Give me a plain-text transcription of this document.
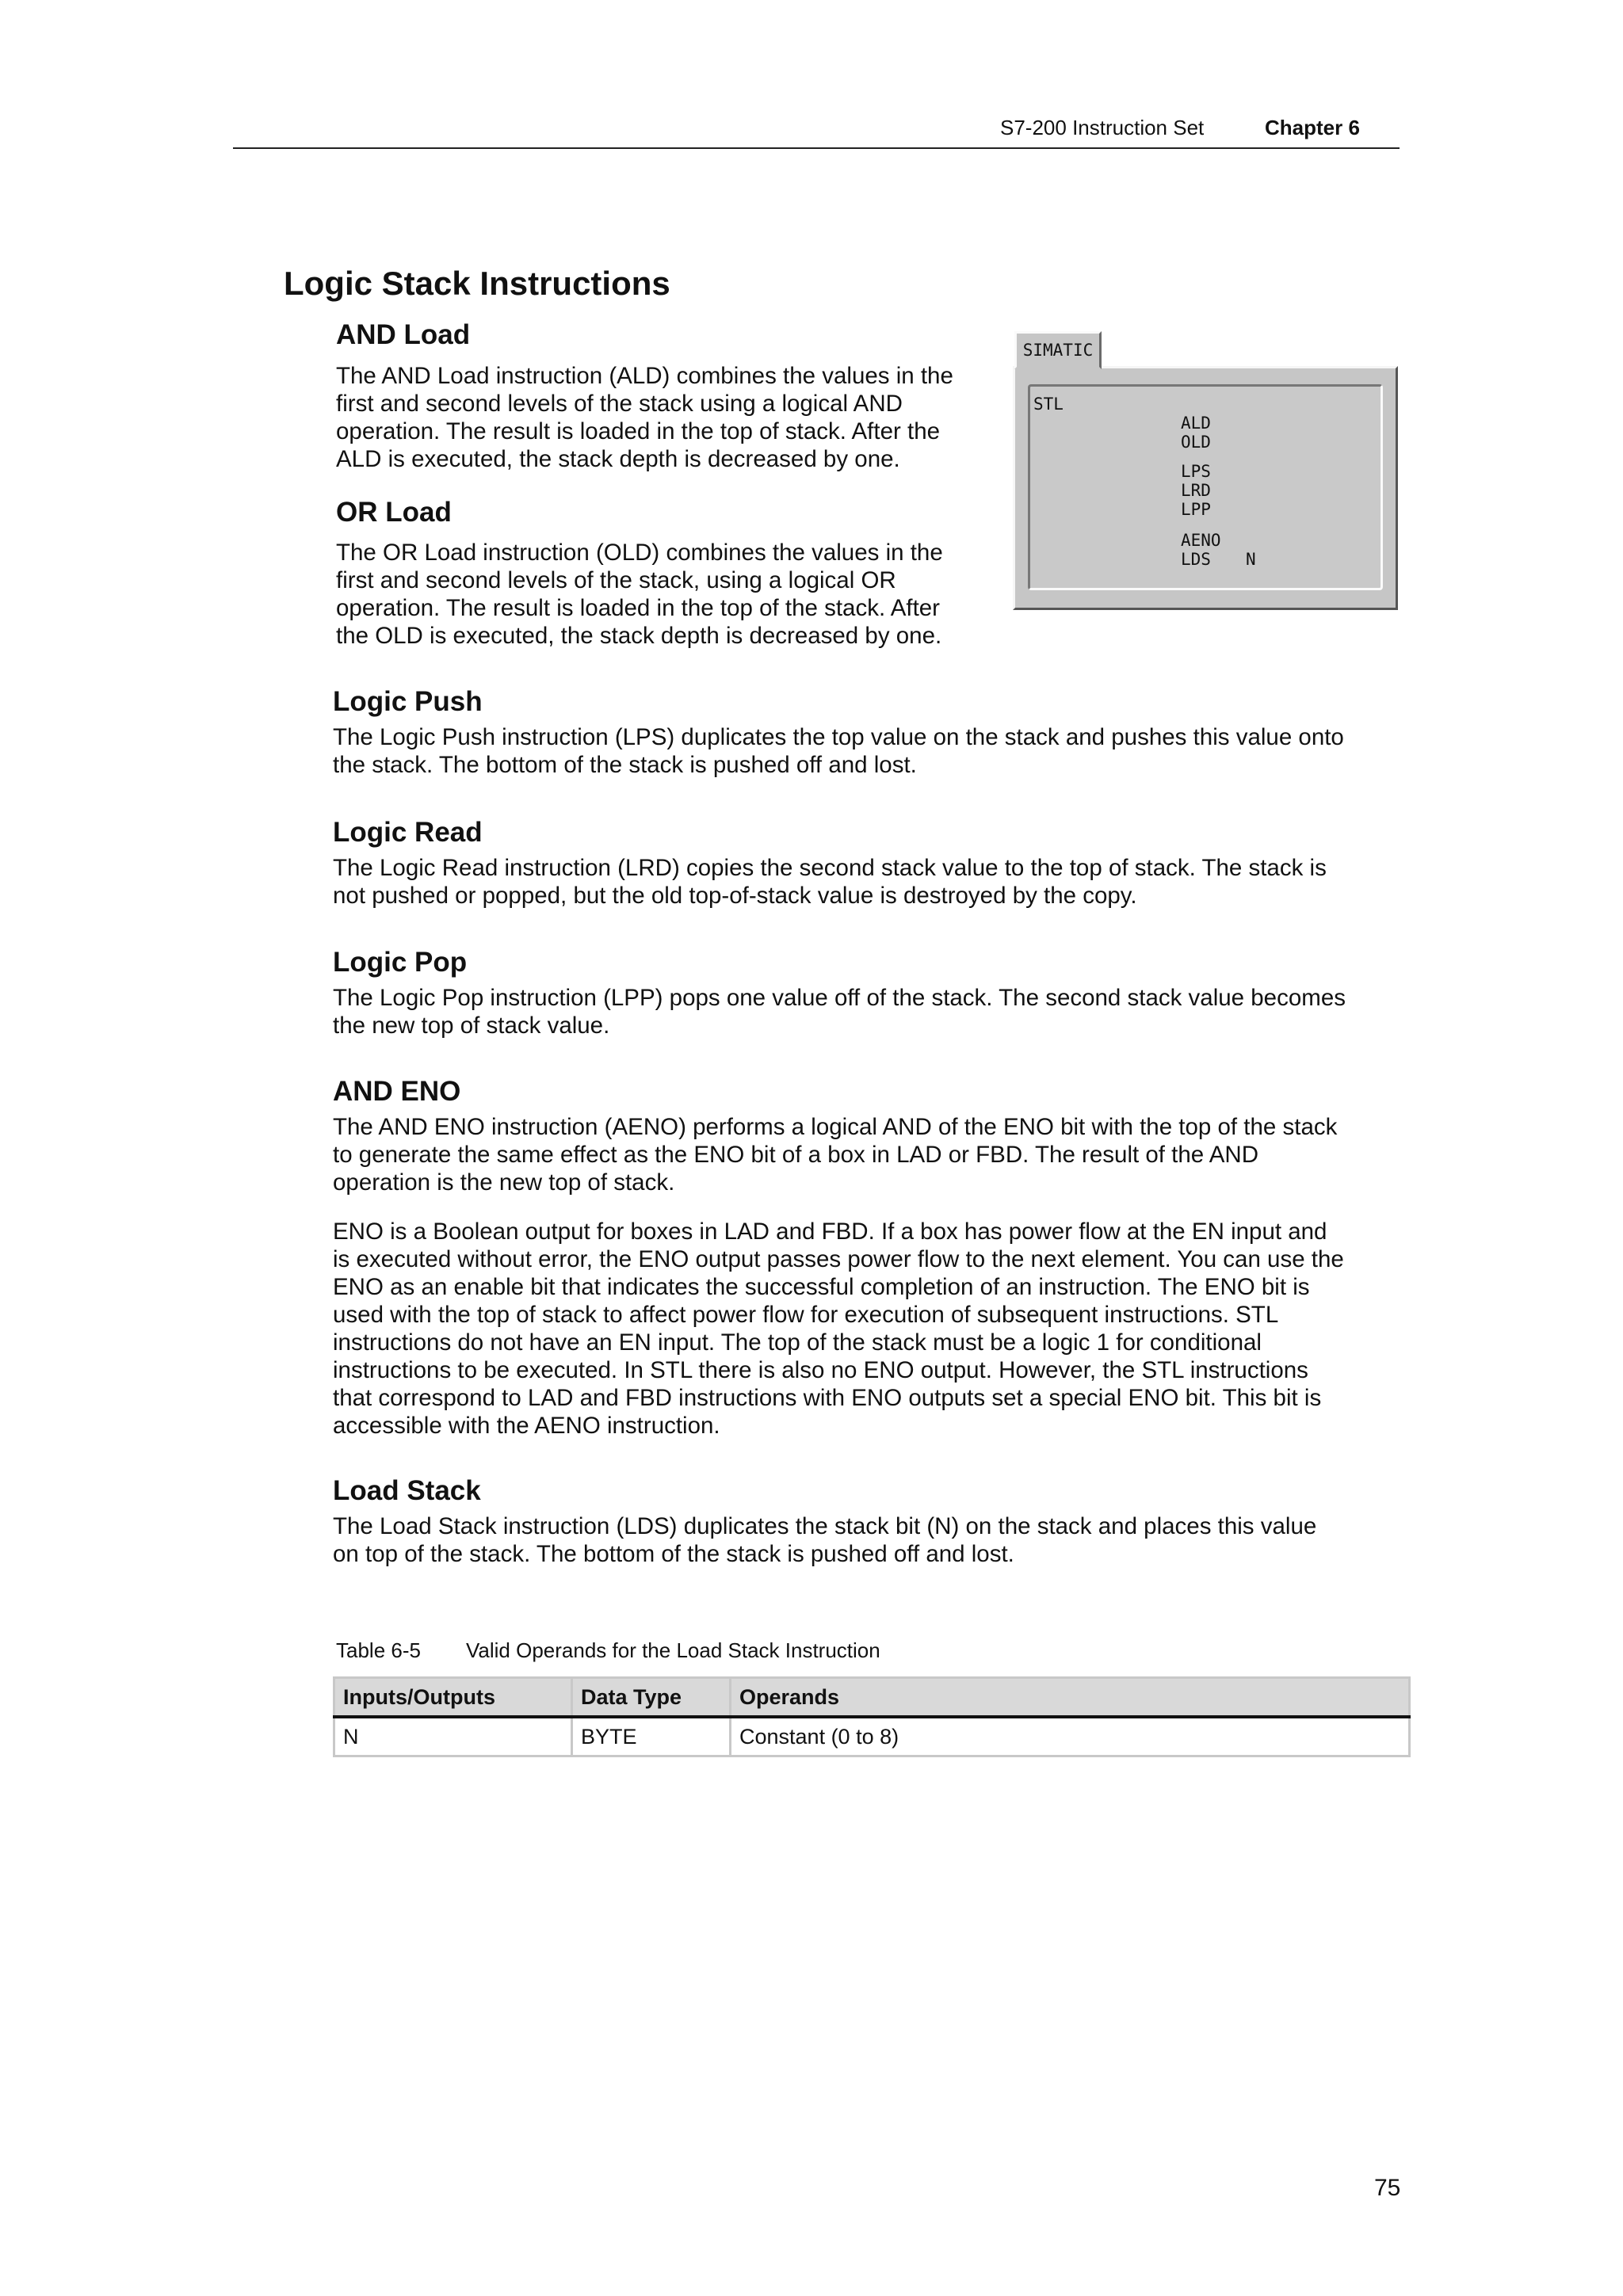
S7-200 Instruction Set	Chapter 6
Logic Stack Instructions
AND Load
The AND Load instruction (ALD) combines the values in the
first and second levels of the stack using a logical AND
operation. The result is loaded in the top of stack. After the
ALD is executed, the stack depth is decreased by one.
OR Load
The OR Load instruction (OLD) combines the values in the
first and second levels of the stack, using a logical OR
operation. The result is loaded in the top of the stack. After
the OLD is executed, the stack depth is decreased by one.
SIMATIC
STL
ALD
OLD
LPS
LRD
LPP
AENO
LDS N
Logic Push
The Logic Push instruction (LPS) duplicates the top value on the stack and pushes this value onto
the stack. The bottom of the stack is pushed off and lost.
Logic Read
The Logic Read instruction (LRD) copies the second stack value to the top of stack. The stack is
not pushed or popped, but the old top-of-stack value is destroyed by the copy.
Logic Pop
The Logic Pop instruction (LPP) pops one value off of the stack. The second stack value becomes
the new top of stack value.
AND ENO
The AND ENO instruction (AENO) performs a logical AND of the ENO bit with the top of the stack
to generate the same effect as the ENO bit of a box in LAD or FBD. The result of the AND
operation is the new top of stack.
ENO is a Boolean output for boxes in LAD and FBD. If a box has power flow at the EN input and
is executed without error, the ENO output passes power flow to the next element. You can use the
ENO as an enable bit that indicates the successful completion of an instruction. The ENO bit is
used with the top of stack to affect power flow for execution of subsequent instructions. STL
instructions do not have an EN input. The top of the stack must be a logic 1 for conditional
instructions to be executed. In STL there is also no ENO output. However, the STL instructions
that correspond to LAD and FBD instructions with ENO outputs set a special ENO bit. This bit is
accessible with the AENO instruction.
Load Stack
The Load Stack instruction (LDS) duplicates the stack bit (N) on the stack and places this value
on top of the stack. The bottom of the stack is pushed off and lost.
Table 6-5 Valid Operands for the Load Stack Instruction
Inputs/Outputs	Data Type	Operands
N	BYTE	Constant (0 to 8)
75
